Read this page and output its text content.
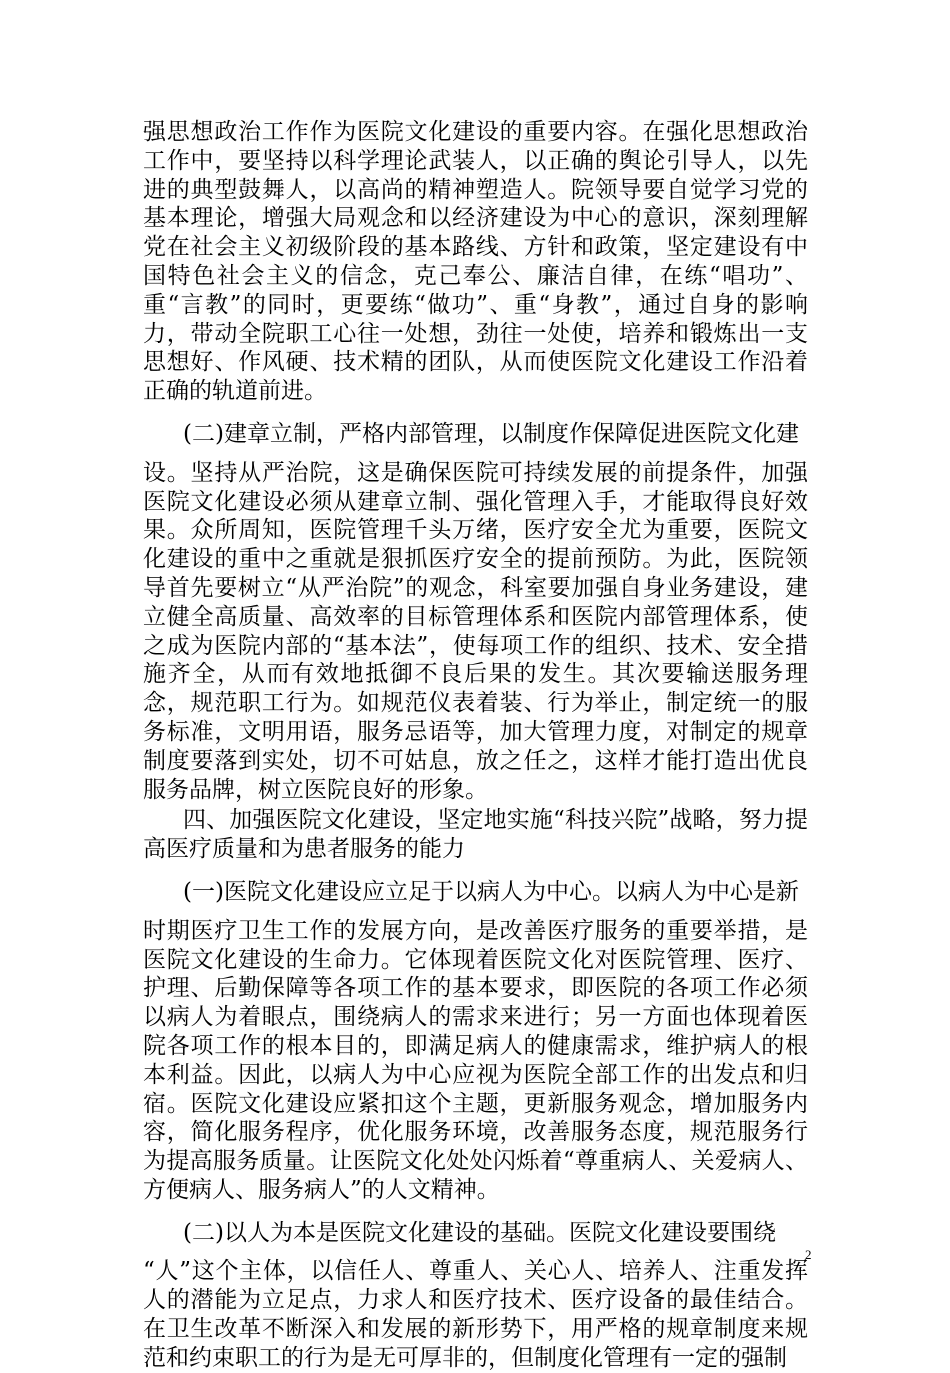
强思想政治工作作为医院文化建设的重要内容。在强化思想政治工作中，要坚持以科学理论武装人，以正确的舆论引导人，以先进的典型鼓舞人，以高尚的精神塑造人。院领导要自觉学习党的基本理论，增强大局观念和以经济建设为中心的意识，深刻理解党在社会主义初级阶段的基本路线、方针和政策，坚定建设有中国特色社会主义的信念，克己奉公、廉洁自律，在练“唱功”、重“言教”的同时，更要练“做功”、重“身教”，通过自身的影响力，带动全院职工心往一处想，劲往一处使，培养和锻炼出一支思想好、作风硬、技术精的团队，从而使医院文化建设工作沿着正确的轨道前进。

(二)建章立制，严格内部管理，以制度作保障促进医院文化建

设。坚持从严治院，这是确保医院可持续发展的前提条件，加强医院文化建设必须从建章立制、强化管理入手，才能取得良好效果。众所周知，医院管理千头万绪，医疗安全尤为重要，医院文化建设的重中之重就是狠抓医疗安全的提前预防。为此，医院领导首先要树立“从严治院”的观念，科室要加强自身业务建设，建立健全高质量、高效率的目标管理体系和医院内部管理体系，使之成为医院内部的“基本法”，使每项工作的组织、技术、安全措施齐全，从而有效地抵御不良后果的发生。其次要输送服务理念，规范职工行为。如规范仪表着装、行为举止，制定统一的服务标准，文明用语，服务忌语等，加大管理力度，对制定的规章制度要落到实处，切不可姑息，放之任之，这样才能打造出优良服务品牌，树立医院良好的形象。

四、加强医院文化建设，坚定地实施“科技兴院”战略，努力提高医疗质量和为患者服务的能力

(一)医院文化建设应立足于以病人为中心。以病人为中心是新

时期医疗卫生工作的发展方向，是改善医疗服务的重要举措，是医院文化建设的生命力。它体现着医院文化对医院管理、医疗、护理、后勤保障等各项工作的基本要求，即医院的各项工作必须以病人为着眼点，围绕病人的需求来进行；另一方面也体现着医院各项工作的根本目的，即满足病人的健康需求，维护病人的根本利益。因此，以病人为中心应视为医院全部工作的出发点和归宿。医院文化建设应紧扣这个主题，更新服务观念，增加服务内容，简化服务程序，优化服务环境，改善服务态度，规范服务行为提高服务质量。让医院文化处处闪烁着“尊重病人、关爱病人、方便病人、服务病人”的人文精神。

(二)以人为本是医院文化建设的基础。医院文化建设要围绕

“人”这个主体，以信任人、尊重人、关心人、培养人、注重发挥人的潜能为立足点，力求人和医疗技术、医疗设备的最佳结合。在卫生改革不断深入和发展的新形势下，用严格的规章制度来规范和约束职工的行为是无可厚非的，但制度化管理有一定的强制

2
